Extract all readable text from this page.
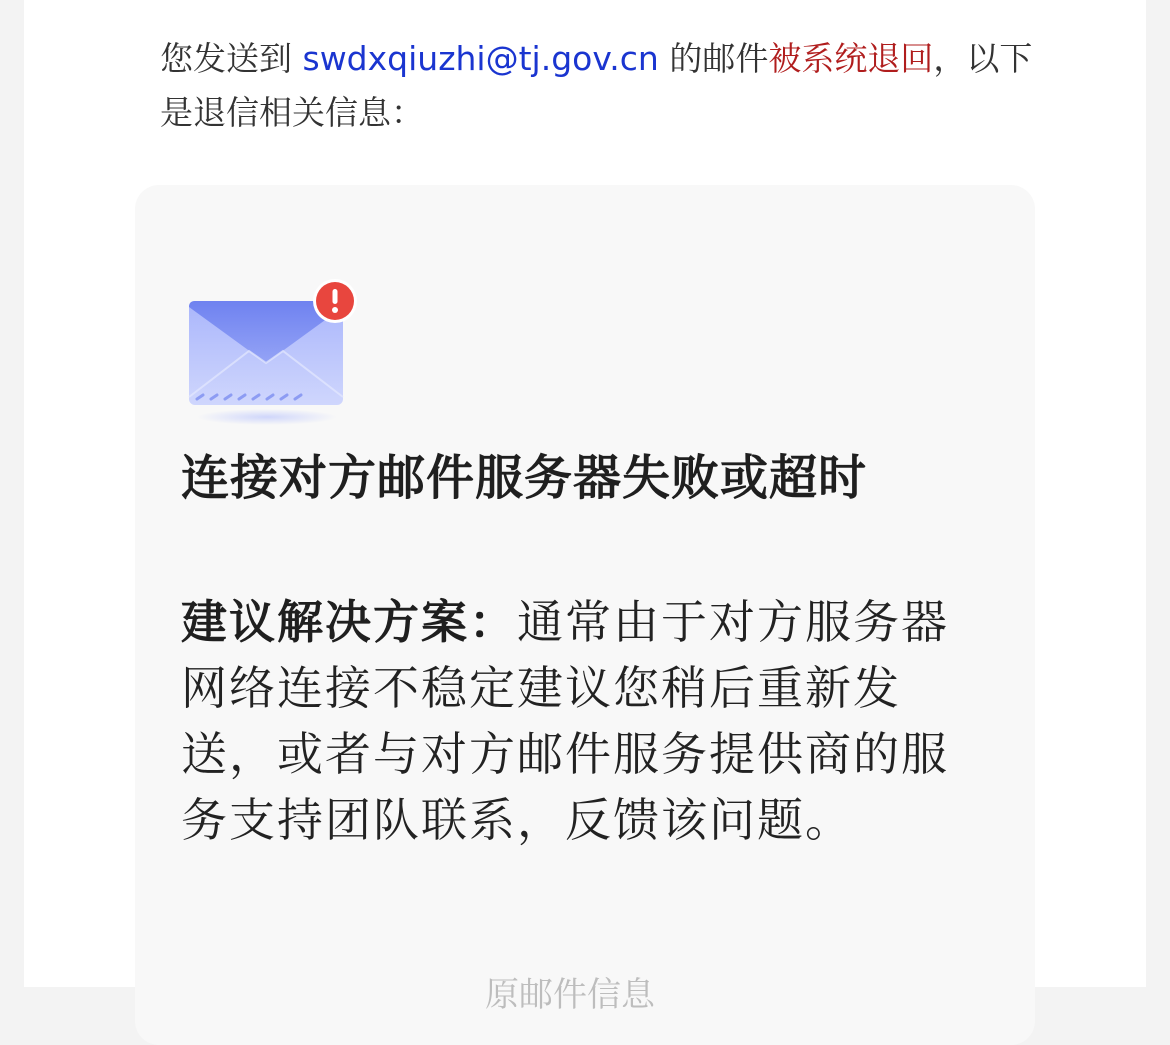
您发送到 swdxqiuzhi@tj.gov.cn 的邮件被系统退回，以下是退信相关信息：
连接对方邮件服务器失败或超时
建议解决方案：通常由于对方服务器网络连接不稳定建议您稍后重新发送，或者与对方邮件服务提供商的服务支持团队联系，反馈该问题。
原邮件信息
